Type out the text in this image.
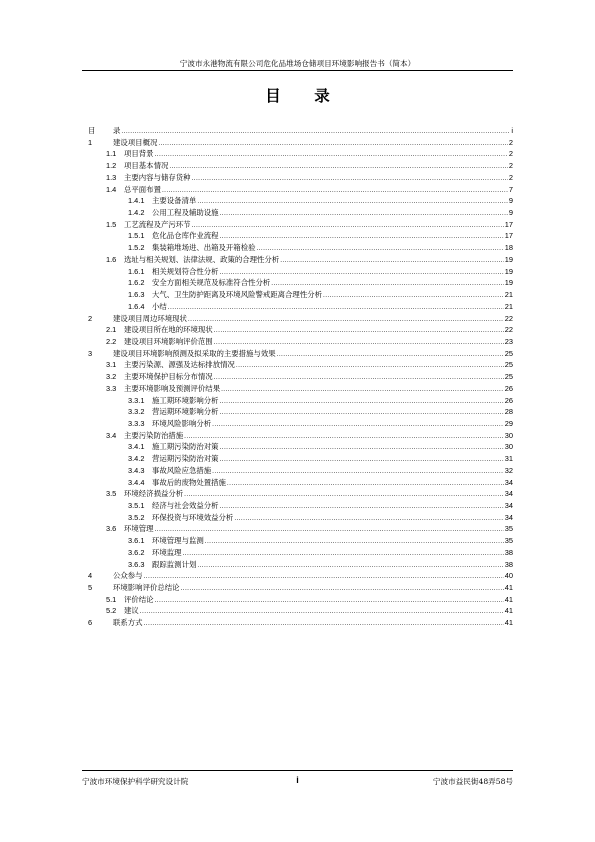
宁波市永港物流有限公司危化品堆场仓储项目环境影响报告书（简本）
目 录
目	录 .....	i
1	建设项目概况 .....	2
1.1	项目背景 .....	2
1.2	项目基本情况 .....	2
1.3	主要内容与储存货种 .....	2
1.4	总平面布置 .....	7
1.4.1	主要设备清单 .....	9
1.4.2	公用工程及辅助设施 .....	9
1.5	工艺流程及产污环节 .....	17
1.5.1	危化品仓库作业流程 .....	17
1.5.2	集装箱堆场进、出箱及开箱检验 .....	18
1.6	选址与相关规划、法律法规、政策的合理性分析 .....	19
1.6.1	相关规划符合性分析 .....	19
1.6.2	安全方面相关规范及标准符合性分析 .....	19
1.6.3	大气、卫生防护距离及环境风险警戒距离合理性分析 .....	21
1.6.4	小结 .....	21
2	建设项目周边环境现状 .....	22
2.1	建设项目所在地的环境现状 .....	22
2.2	建设项目环境影响评价范围 .....	23
3	建设项目环境影响预测及拟采取的主要措施与效果 .....	25
3.1	主要污染源、源强及达标排放情况 .....	25
3.2	主要环境保护目标分布情况 .....	25
3.3	主要环境影响及预测评价结果 .....	26
3.3.1	施工期环境影响分析 .....	26
3.3.2	营运期环境影响分析 .....	28
3.3.3	环境风险影响分析 .....	29
3.4	主要污染防治措施 .....	30
3.4.1	施工期污染防治对策 .....	30
3.4.2	营运期污染防治对策 .....	31
3.4.3	事故风险应急措施 .....	32
3.4.4	事故后的废物处置措施 .....	34
3.5	环境经济损益分析 .....	34
3.5.1	经济与社会效益分析 .....	34
3.5.2	环保投资与环境效益分析 .....	34
3.6	环境管理 .....	35
3.6.1	环境管理与监测 .....	35
3.6.2	环境监理 .....	38
3.6.3	跟踪监测计划 .....	38
4	公众参与 .....	40
5	环境影响评价总结论 .....	41
5.1	评价结论 .....	41
5.2	建议 .....	41
6	联系方式 .....	41
宁波市环境保护科学研究设计院	i	宁波市益民街48弄58号
